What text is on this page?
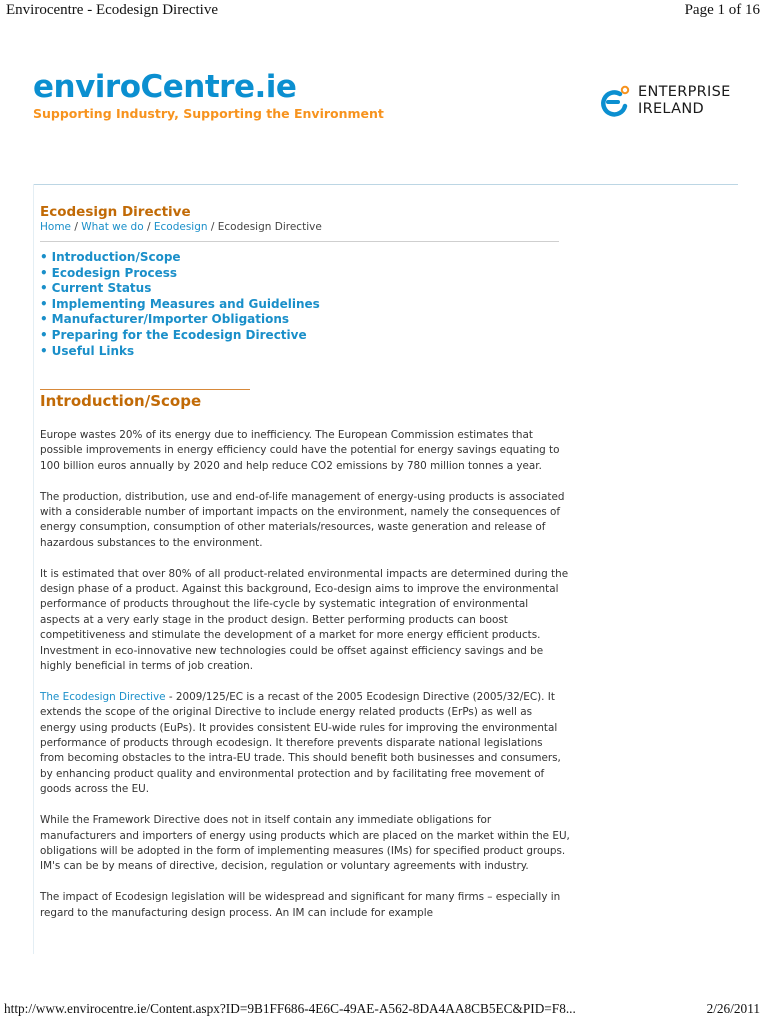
Envirocentre - Ecodesign Directive	Page 1 of 16
enviroCentre.ie
Supporting Industry, Supporting the Environment
ENTERPRISE
IRELAND
Ecodesign Directive
Home / What we do / Ecodesign / Ecodesign Directive
• Introduction/Scope
• Ecodesign Process
• Current Status
• Implementing Measures and Guidelines
• Manufacturer/Importer Obligations
• Preparing for the Ecodesign Directive
• Useful Links
Introduction/Scope

Europe wastes 20% of its energy due to inefficiency. The European Commission estimates that possible improvements in energy efficiency could have the potential for energy savings equating to 100 billion euros annually by 2020 and help reduce CO2 emissions by 780 million tonnes a year.

The production, distribution, use and end-of-life management of energy-using products is associated with a considerable number of important impacts on the environment, namely the consequences of energy consumption, consumption of other materials/resources, waste generation and release of hazardous substances to the environment.

It is estimated that over 80% of all product-related environmental impacts are determined during the design phase of a product. Against this background, Eco-design aims to improve the environmental performance of products throughout the life-cycle by systematic integration of environmental aspects at a very early stage in the product design. Better performing products can boost competitiveness and stimulate the development of a market for more energy efficient products. Investment in eco-innovative new technologies could be offset against efficiency savings and be highly beneficial in terms of job creation.

The Ecodesign Directive - 2009/125/EC is a recast of the 2005 Ecodesign Directive (2005/32/EC). It extends the scope of the original Directive to include energy related products (ErPs) as well as energy using products (EuPs). It provides consistent EU-wide rules for improving the environmental performance of products through ecodesign. It therefore prevents disparate national legislations from becoming obstacles to the intra-EU trade. This should benefit both businesses and consumers, by enhancing product quality and environmental protection and by facilitating free movement of goods across the EU.

While the Framework Directive does not in itself contain any immediate obligations for manufacturers and importers of energy using products which are placed on the market within the EU, obligations will be adopted in the form of implementing measures (IMs) for specified product groups. IM's can be by means of directive, decision, regulation or voluntary agreements with industry.

The impact of Ecodesign legislation will be widespread and significant for many firms – especially in regard to the manufacturing design process. An IM can include for example

http://www.envirocentre.ie/Content.aspx?ID=9B1FF686-4E6C-49AE-A562-8DA4AA8CB5EC&PID=F8...	2/26/2011
